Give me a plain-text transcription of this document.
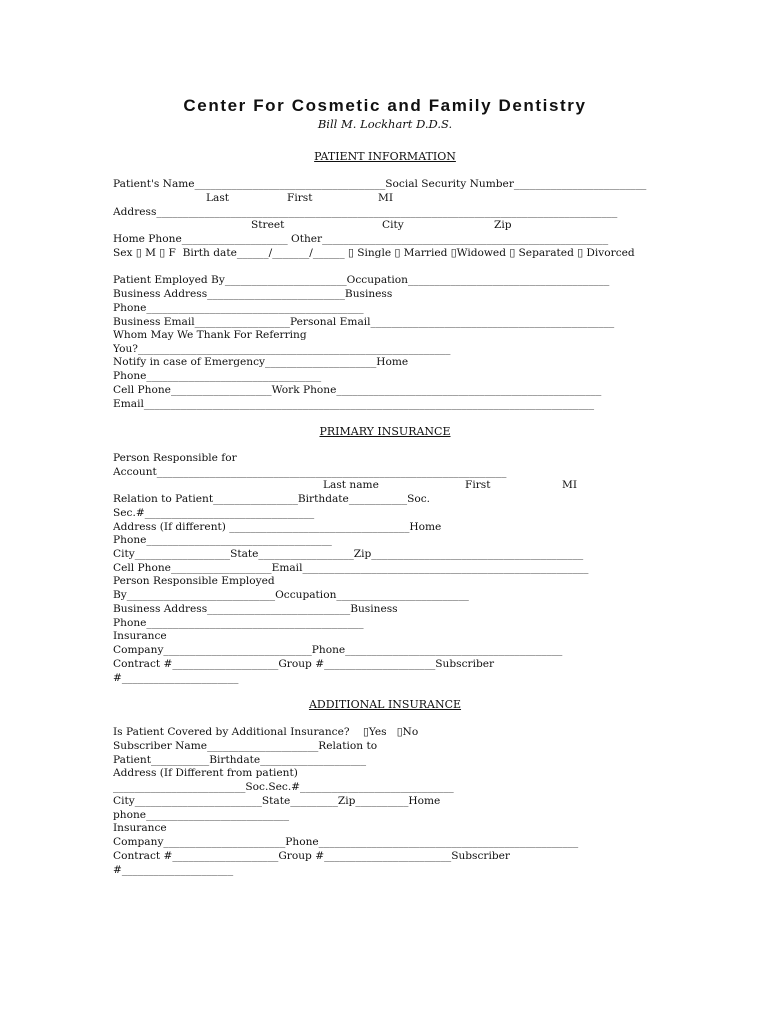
Center For Cosmetic and Family Dentistry
Bill M. Lockhart D.D.S.
PATIENT INFORMATION
Patient's Name____________________________________Social Security Number_________________________
Last	First	MI
Address_______________________________________________________________________________________
Street	City	Zip
Home Phone____________________ Other______________________________________________________
Sex ▯ M ▯ F  Birth date______/_______/______ ▯ Single ▯ Married ▯Widowed ▯ Separated ▯ Divorced
Patient Employed By_______________________Occupation______________________________________
Business Address__________________________Business
Phone_________________________________________
Business Email__________________Personal Email______________________________________________
Whom May We Thank For Referring
You?___________________________________________________________
Notify in case of Emergency_____________________Home
Phone_________________________________
Cell Phone___________________Work Phone__________________________________________________
Email_____________________________________________________________________________________
PRIMARY INSURANCE
Person Responsible for
Account__________________________________________________________________
Last name	First	MI
Relation to Patient________________Birthdate___________Soc.
Sec.#________________________________
Address (If different) __________________________________Home
Phone___________________________________
City__________________State__________________Zip________________________________________
Cell Phone___________________Email______________________________________________________
Person Responsible Employed
By____________________________Occupation_________________________
Business Address___________________________Business
Phone_________________________________________
Insurance
Company____________________________Phone_________________________________________
Contract #____________________Group #_____________________Subscriber
#______________________
ADDITIONAL INSURANCE
Is Patient Covered by Additional Insurance?    ▯Yes   ▯No
Subscriber Name_____________________Relation to
Patient___________Birthdate____________________
Address (If Different from patient)
_________________________Soc.Sec.#_____________________________
City________________________State_________Zip__________Home
phone___________________________
Insurance
Company_______________________Phone_________________________________________________
Contract #____________________Group #________________________Subscriber
#_____________________
